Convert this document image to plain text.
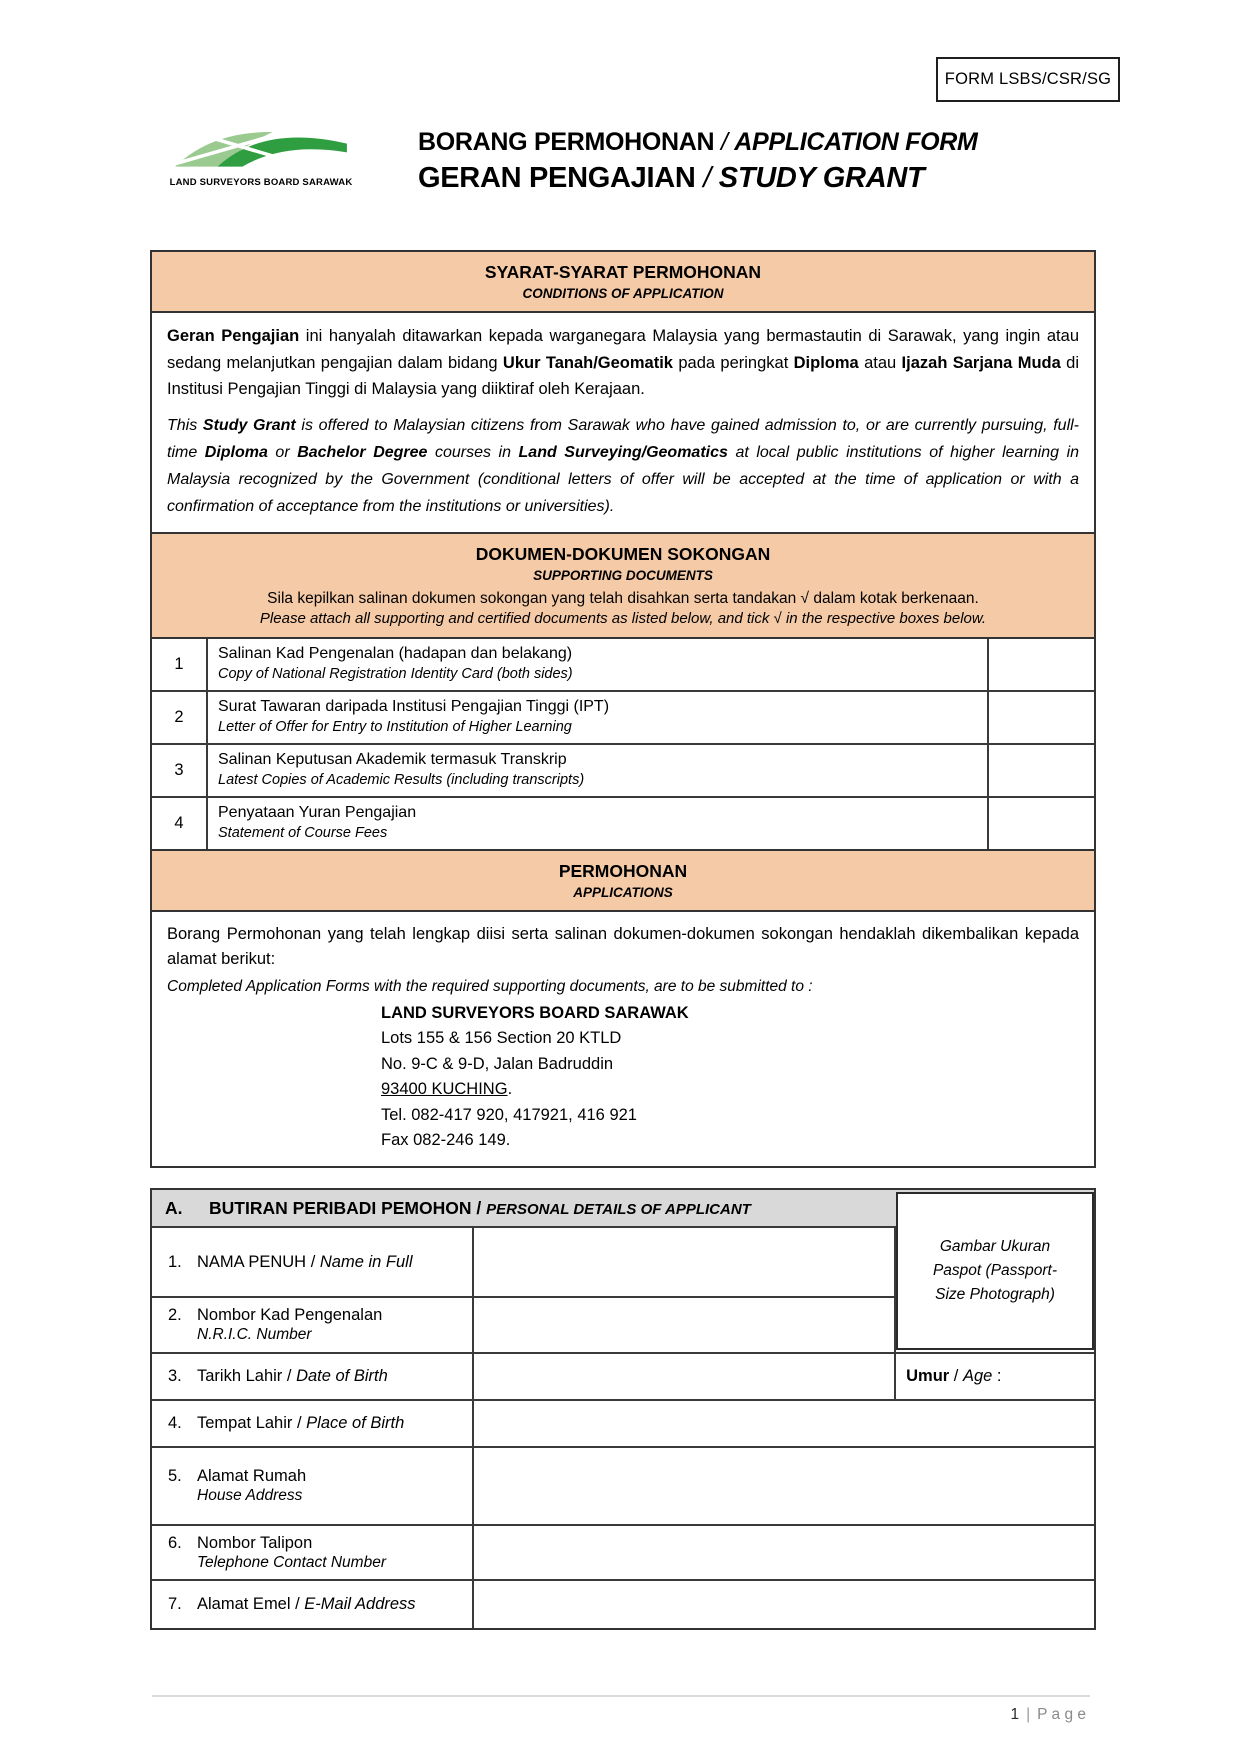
FORM LSBS/CSR/SG
LAND SURVEYORS BOARD SARAWAK
BORANG PERMOHONAN / APPLICATION FORM
GERAN PENGAJIAN / STUDY GRANT
SYARAT-SYARAT PERMOHONAN
CONDITIONS OF APPLICATION
Geran Pengajian ini hanyalah ditawarkan kepada warganegara Malaysia yang bermastautin di Sarawak, yang ingin atau sedang melanjutkan pengajian dalam bidang Ukur Tanah/Geomatik pada peringkat Diploma atau Ijazah Sarjana Muda di Institusi Pengajian Tinggi di Malaysia yang diiktiraf oleh Kerajaan.
This Study Grant is offered to Malaysian citizens from Sarawak who have gained admission to, or are currently pursuing, full-time Diploma or Bachelor Degree courses in Land Surveying/Geomatics at local public institutions of higher learning in Malaysia recognized by the Government (conditional letters of offer will be accepted at the time of application or with a confirmation of acceptance from the institutions or universities).
DOKUMEN-DOKUMEN SOKONGAN
SUPPORTING DOCUMENTS
Sila kepilkan salinan dokumen sokongan yang telah disahkan serta tandakan √ dalam kotak berkenaan.
Please attach all supporting and certified documents as listed below, and tick √ in the respective boxes below.
1	Salinan Kad Pengenalan (hadapan dan belakang)
Copy of National Registration Identity Card (both sides)	

2	Surat Tawaran daripada Institusi Pengajian Tinggi (IPT)
Letter of Offer for Entry to Institution of Higher Learning	

3	Salinan Keputusan Akademik termasuk Transkrip
Latest Copies of Academic Results (including transcripts)	

4	Penyataan Yuran Pengajian
Statement of Course Fees	

PERMOHONAN
APPLICATIONS
Borang Permohonan yang telah lengkap diisi serta salinan dokumen-dokumen sokongan hendaklah dikembalikan kepada alamat berikut:
Completed Application Forms with the required supporting documents, are to be submitted to :
LAND SURVEYORS BOARD SARAWAK
Lots 155 & 156 Section 20 KTLD
No. 9-C & 9-D, Jalan Badruddin
93400 KUCHING.
Tel. 082-417 920, 417921, 416 921
Fax 082-246 149.
A. BUTIRAN PERIBADI PEMOHON / PERSONAL DETAILS OF APPLICANT		

1. NAMA PENUH / Name in Full		

2. Nombor Kad Pengenalan
N.R.I.C. Number		

3. Tarikh Lahir / Date of Birth		Umur / Age :

4. Tempat Lahir / Place of Birth		

5. Alamat Rumah
House Address		

6. Nombor Talipon
Telephone Contact Number		

7. Alamat Emel / E-Mail Address		

Gambar Ukuran Paspot (Passport-Size Photograph)
1 | P a g e
